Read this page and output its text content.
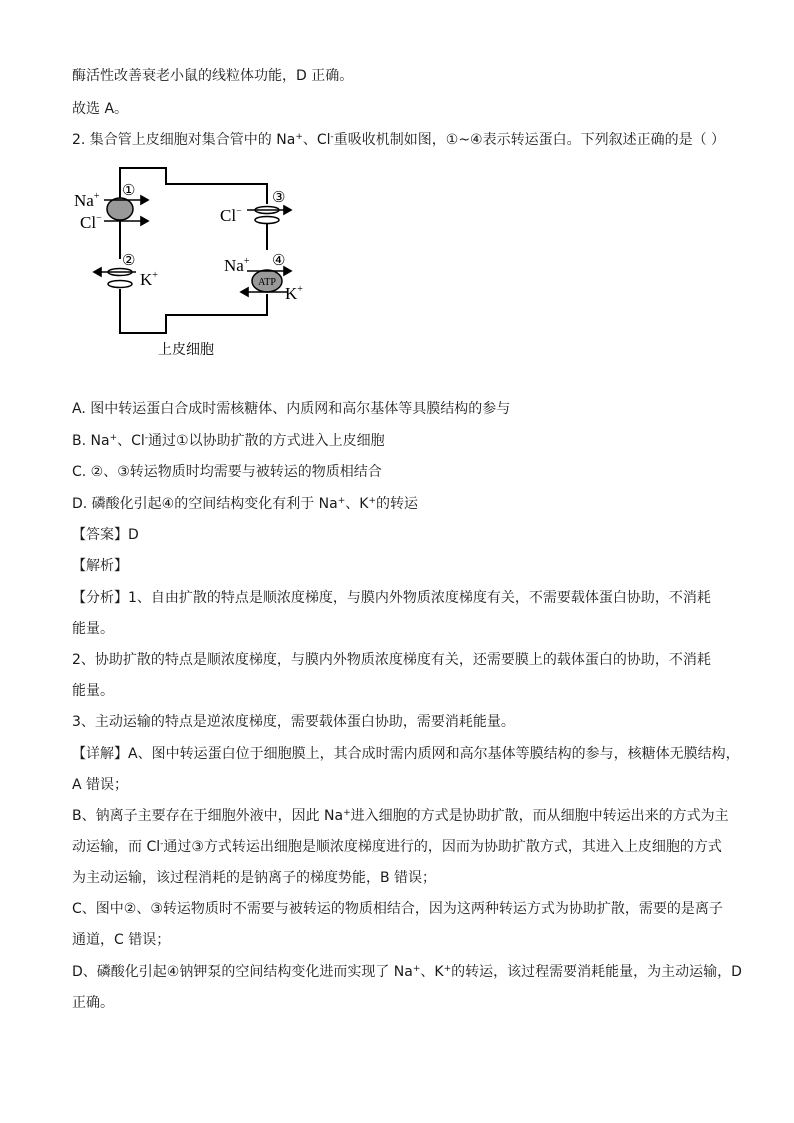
酶活性改善衰老小鼠的线粒体功能，D 正确。
故选 A。
2. 集合管上皮细胞对集合管中的 Na+、Cl-重吸收机制如图，①~④表示转运蛋白。下列叙述正确的是（ ）
ATP
Na+
Cl−
K+
Cl−
Na+
K+
①
②
③
④
上皮细胞
A. 图中转运蛋白合成时需核糖体、内质网和高尔基体等具膜结构的参与
B. Na+、Cl-通过①以协助扩散的方式进入上皮细胞
C. ②、③转运物质时均需要与被转运的物质相结合
D. 磷酸化引起④的空间结构变化有利于 Na+、K+的转运
【答案】D
【解析】
【分析】1、自由扩散的特点是顺浓度梯度，与膜内外物质浓度梯度有关，不需要载体蛋白协助，不消耗
能量。
2、协助扩散的特点是顺浓度梯度，与膜内外物质浓度梯度有关，还需要膜上的载体蛋白的协助，不消耗
能量。
3、主动运输的特点是逆浓度梯度，需要载体蛋白协助，需要消耗能量。
【详解】A、图中转运蛋白位于细胞膜上，其合成时需内质网和高尔基体等膜结构的参与，核糖体无膜结构，
A 错误；
B、钠离子主要存在于细胞外液中，因此 Na+进入细胞的方式是协助扩散，而从细胞中转运出来的方式为主
动运输，而 Cl-通过③方式转运出细胞是顺浓度梯度进行的，因而为协助扩散方式，其进入上皮细胞的方式
为主动运输，该过程消耗的是钠离子的梯度势能，B 错误；
C、图中②、③转运物质时不需要与被转运的物质相结合，因为这两种转运方式为协助扩散，需要的是离子
通道，C 错误；
D、磷酸化引起④钠钾泵的空间结构变化进而实现了 Na+、K+的转运，该过程需要消耗能量，为主动运输，D
正确。
